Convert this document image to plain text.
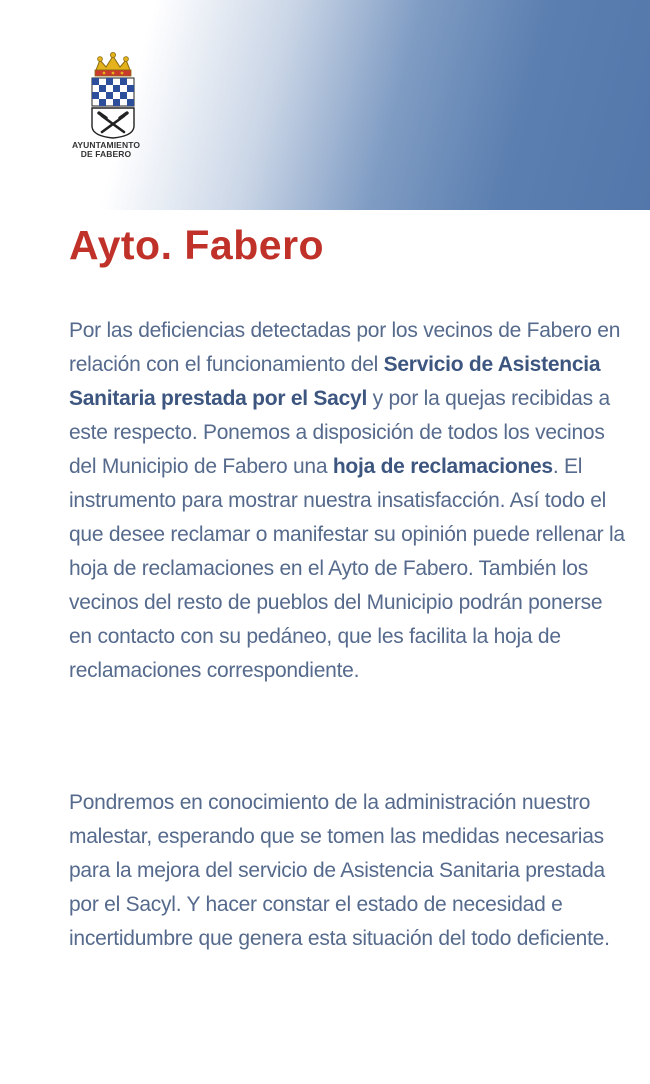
AYUNTAMIENTO
DE FABERO
Ayto. Fabero

Por las deficiencias detectadas por los vecinos de Fabero en relación con el funcionamiento del Servicio de Asistencia Sanitaria prestada por el Sacyl y por la quejas recibidas a este respecto. Ponemos a disposición de todos los vecinos del Municipio de Fabero una hoja de reclamaciones. El instrumento para mostrar nuestra insatisfacción. Así todo el que desee reclamar o manifestar su opinión puede rellenar la hoja de reclamaciones en el Ayto de Fabero. También los vecinos del resto de pueblos del Municipio podrán ponerse en contacto con su pedáneo, que les facilita la hoja de reclamaciones correspondiente.

Pondremos en conocimiento de la administración nuestro malestar, esperando que se tomen las medidas necesarias para la mejora del servicio de Asistencia Sanitaria prestada por el Sacyl. Y hacer constar el estado de necesidad e incertidumbre que genera esta situación del todo deficiente.
